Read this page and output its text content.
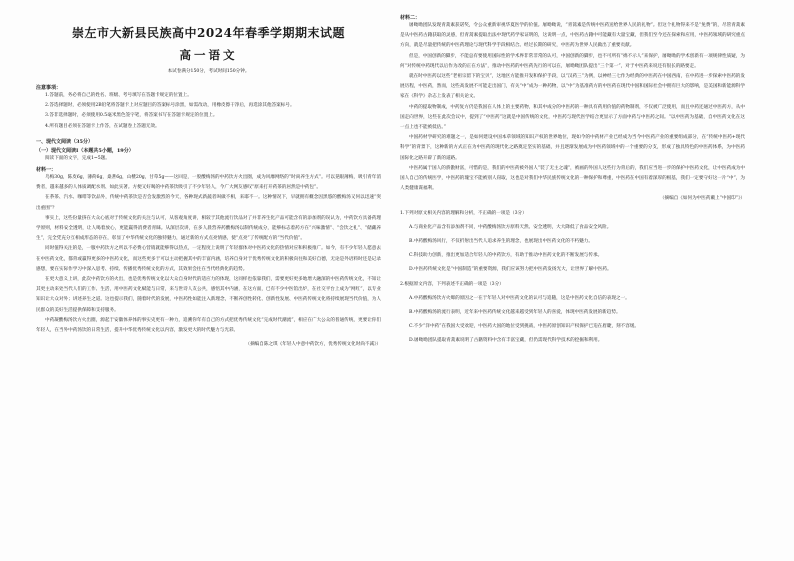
崇左市大新县民族高中2024年春季学期期末试题
高一语文
本试卷满分150分，考试时间150分钟。
注意事项：

1.答题前，务必将自己的姓名、班级、考号填写在答题卡规定的位置上。

2.答选择题时，必须使用2B铅笔将答题卡上对应题目的答案标号涂黑，如需改动，用橡皮擦干净后，再选涂其他答案标号。

3.答非选择题时，必须使用0.5毫米黑色签字笔，将答案书写在答题卡规定的位置上。

4.所有题目必须在答题卡上作答，在试题卷上答题无效。

一、现代文阅读（35分）
（一）现代文阅读Ⅰ（本题共5小题，19分）

阅读下面的文字，完成1~5题。

材料一：

乌梅30g，陈皮6g，薄荷6g，桑葚6g，山楂20g，甘草5g——这回是，一股酸梅汤的中药饮方火出圈，成为风靡网络的“时尚养生方式”。可以晃眼薄梅，吸引青年消费者，越来越多的人体质调配水剂、如此实著。方便又好喝的中药茶饮吸引了不少年轻人，今广大网友感叹“原来打开药茶的居然是中药包”。

在荼茶、汽水、咖啡等饮品外，传统中药茶饮是否会发激烈的今天，各种现式新蔬者叫做不相，来耶不一。这种情况下，早就拥有概念因黑悠的酸梅汤又何以迅速“突出重围”？

事实上，这些份量挤在大众心底对于传统文化的关注与认可，从客观角度讲，相较于其他流行饮品对了并非养生化产品可能含有的添加剂的误认为，中药饮方具备药理学原则，材料安全透明，让人喝着放心，更能赢得消费者青睐。从深层次讲，在多人晨营养药酸梅汤以制传统成分，能够标志着药方在“兴味激情”、“会饮之礼”、“储藏养生”，完全凭充分互相成形态的存在，彰显了中华传统文化的独特魅力，通过新的方式点亮情感，使“点亮”了传统配方的“当代价值”。

同时值得关注的是，一服中药饮方之所以不必费心营销就能够得以热点，一定程度上说明了年轻群体对中医药文化的热情对应和积极推广。如今，有不少年轻人愿意去在中医药文化，都背或赢得更多的中医药文化，而这些更多于可以主动把握其中的丰富内涵，培养自身对于优秀传统文化的积极向往和美好自德，无论是外语料时还是记录感想，要在实际作学习中深入思考、持续、传播优秀传统文化的方式，其效果会往在当代经典化的趋势。

在更大意义上讲，此次中药饮方的火出，也是优秀传统文化以大众自身时代的适应力的体现，这同样也依靠我们，需要更好更多地增大融深的中医药传统文化，不知让其更主动来处当代人们的工作、生活，用中医药文化赋能与日常，来与世诗人友公共，感悟其中内涵，在这方面，已有不少中医馆出炉，在社交平台上成为“网红”，以专业知识让大众对外；讲述养生之道。这也提示我们，随着时代的发展，中医药性如能注入新理念，不断养创性转化、创新性发展、中医药传统文化将持续展现当代价值，为人民群众的美好生活提供保障和支持服务。

中药凝酸梅汤饮方火出圈，源起于安徽体养体的事实史更有一种力，追溯你年有自己的方式把优秀传统文化“完成时代潮流”，相应在广大公众的普通传统，更要让你们年轻人，在当外中药汤饮的日常生活，提升中华优秀传统文化以内容，激发更大的时代魅力与光彩。

（摘编自陈之琪《年轻人中意中药饮方，优秀传统文化时尚不减》）

材料二：

屠呦呦团队发现青蒿素获诺奖，令公众重新审视华夏医学的价值。屠呦呦说，“青蒿素是传统中医药送给世界人民的礼物”。但这个礼物得来不是“免费”的，尽管青蒿素是从中医药古籍获取的灵感，但青蒿素提取出法中现代药学家证明的，这说明一点，中医药古籍中可能藏有大量宝藏，但我们至今还在探索和应用，中医药领域的研究重点方向，就是尽量把传统的中医药理论与现代科学手段相结合。经过长期的研究，中医药为世界人民做出了重要贡献。

但是，中国创新的脚步，不能总有要使用国际性的学术界非常非常的认可，中国创新的脚步，也不可所有“绵不示人”来保护，屠呦呦的学术创新有一项规律性质疑，为何“对传统中药现代以后作为改的正在方法”，推动中医药的中医药先行的可以在，屠呦呦团队提出“三个第一”，对于中医药来说还有很长的路要走。

就在时中医药以这些“老祖宗留下的宝贝”，这地区方能推开发和保护手段，以“汉药三”为例，以神经三七作为经典的中医药在中国西南，在中药进一步探索中医药的发展历程，中医药，然而，这些高发展不可能走出国门，有关“中”成为一种药物，以“中”为基准药方的中医药在现代中国和国际社会中拥有巨大的影响，是美国和新能源科学家在《科学》杂志上发表了相关论文。

中药的提取物制成，中药复方仍是我国在人体上的主要药物，和其中成分的中医药的一种具有药用价值的药物制剂，不仅被广泛使用，而且中药还通过中医药方，从中国走向世界，这些在此次会议中，提到了“中医药”这就是中国传统的文化，中医药与现代医学结合更显示了方面中药与中医药之间。“以中医药为基础，自中医药文化在这一点上也不能被低估。”

中国药材学研究的难题之一，是如何建设中国本草领域的知识产权的世界地位，现如今的中药材产业已经成为当今中医药产业的重要组成部分，在“传统中医药+现代科学”的背景下，这种新的方式正在为中医药的现代化之路奠定坚实的基础，并且逐渐发展成为中医药领域中的一个重要的分支，形成了独具特色的中医药体系，为中医药国际化之路开辟了新的道路。

中医药属于国人的骄傲财富，可惜的是，我们的中医药被外国人“装了无主之魂”，被画的外国人这些行为背后的，我们应当进一步的保护中医药文化，让中医药成为中国人自己的传统医学，中医药的瑰宝不能被别人窃取，这也是对我们中华民族传统文化的一种保护和尊重，中医药在中国有着深厚的根基，我们一定要守好这一片“中”，为人类健康谋福利。

（摘编自《如何为中医药戴上“中国印”》）

1.下列对原文相关内容的理解和分析，不正确的一项是（3分）

A.与商业化产品含有添加剂不同，中药酸梅汤饮方原料天然、安全透明，大大降低了食品安全风险。

B.中药酸梅汤风行，不仅折射出当代人追求养生的理念，也展现出中医药文化的不朽魅力。

C.科技助力创新，推出更加适合年轻人的中药饮方，有助于推动中医药文化的不断发展与传承。

D.中医药传统文化是“中国制造”的重要资源，我们应该努力把中医药发扬光大，让世界了解中医药。

2.根据原文内容，下列表述不正确的一项是（3分）

A.中药酸梅汤饮方火爆的原因之一在于年轻人对中医药文化的认可与追随，这是中医药文化自信的表现之一。

B.中药酸梅汤的流行表明，近年来中医药传统文化越来越受到年轻人的喜爱，体现中医药发展的新趋势。

C.不少“洋中药”在我国大受欢迎，中医药大国的地位受到挑战，中医药原创知识产权保护已迫在眉睫，刻不容缓。

D.屠呦呦团队提取青蒿素说明了古籍资料中含有丰富宝藏，但仍需现代科学技术的挖掘和利用。
